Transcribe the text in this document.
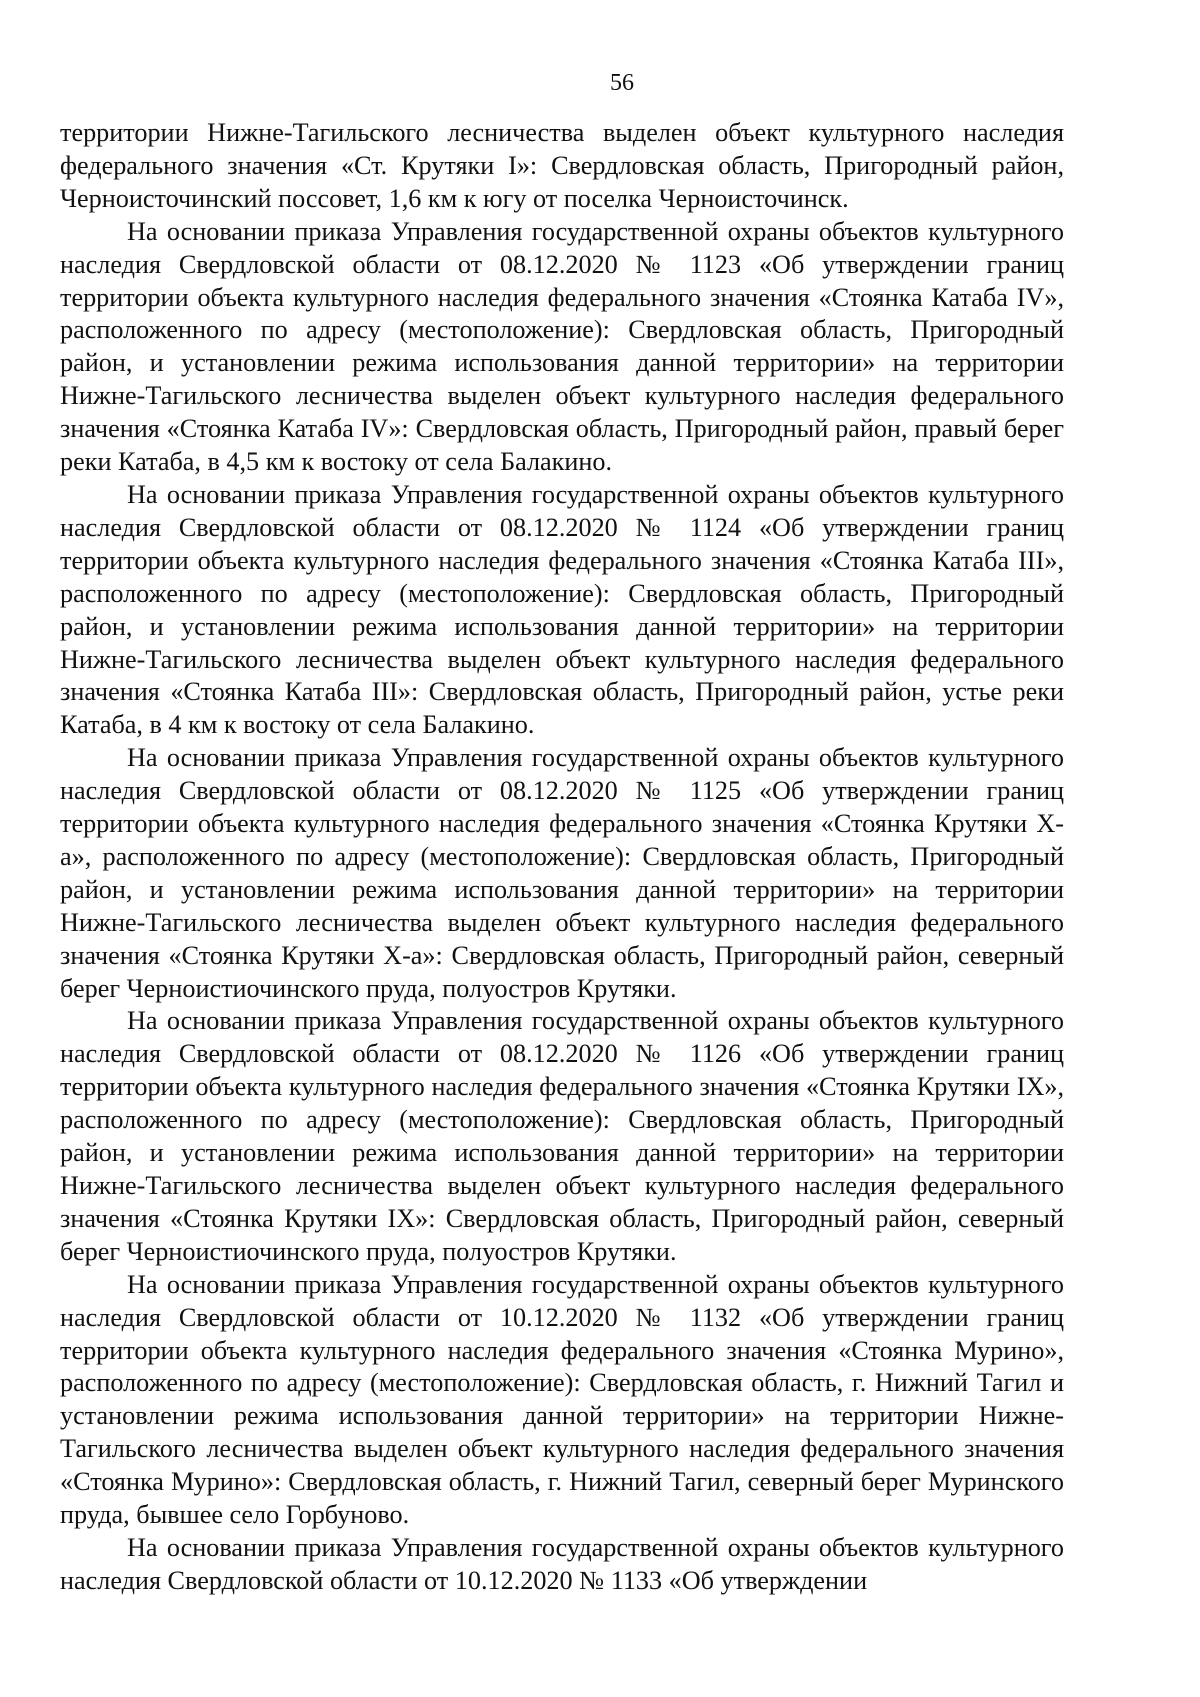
56

территории Нижне-Тагильского лесничества выделен объект культурного наследия федерального значения «Ст. Крутяки I»: Свердловская область, Пригородный район, Черноисточинский поссовет, 1,6 км к югу от поселка Черноисточинск.

На основании приказа Управления государственной охраны объектов культурного наследия Свердловской области от 08.12.2020 № 1123 «Об утверждении границ территории объекта культурного наследия федерального значения «Стоянка Катаба IV», расположенного по адресу (местоположение): Свердловская область, Пригородный район, и установлении режима использования данной территории» на территории Нижне-Тагильского лесничества выделен объект культурного наследия федерального значения «Стоянка Катаба IV»: Свердловская область, Пригородный район, правый берег реки Катаба, в 4,5 км к востоку от села Балакино.

На основании приказа Управления государственной охраны объектов культурного наследия Свердловской области от 08.12.2020 № 1124 «Об утверждении границ территории объекта культурного наследия федерального значения «Стоянка Катаба III», расположенного по адресу (местоположение): Свердловская область, Пригородный район, и установлении режима использования данной территории» на территории Нижне-Тагильского лесничества выделен объект культурного наследия федерального значения «Стоянка Катаба III»: Свердловская область, Пригородный район, устье реки Катаба, в 4 км к востоку от села Балакино.

На основании приказа Управления государственной охраны объектов культурного наследия Свердловской области от 08.12.2020 № 1125 «Об утверждении границ территории объекта культурного наследия федерального значения «Стоянка Крутяки X-a», расположенного по адресу (местоположение): Свердловская область, Пригородный район, и установлении режима использования данной территории» на территории Нижне-Тагильского лесничества выделен объект культурного наследия федерального значения «Стоянка Крутяки X-a»: Свердловская область, Пригородный район, северный берег Черноистиочинского пруда, полуостров Крутяки.

На основании приказа Управления государственной охраны объектов культурного наследия Свердловской области от 08.12.2020 № 1126 «Об утверждении границ территории объекта культурного наследия федерального значения «Стоянка Крутяки IX», расположенного по адресу (местоположение): Свердловская область, Пригородный район, и установлении режима использования данной территории» на территории Нижне-Тагильского лесничества выделен объект культурного наследия федерального значения «Стоянка Крутяки IX»: Свердловская область, Пригородный район, северный берег Черноистиочинского пруда, полуостров Крутяки.

На основании приказа Управления государственной охраны объектов культурного наследия Свердловской области от 10.12.2020 № 1132 «Об утверждении границ территории объекта культурного наследия федерального значения «Стоянка Мурино», расположенного по адресу (местоположение): Свердловская область, г. Нижний Тагил и установлении режима использования данной территории» на территории Нижне-Тагильского лесничества выделен объект культурного наследия федерального значения «Стоянка Мурино»: Свердловская область, г. Нижний Тагил, северный берег Муринского пруда, бывшее село Горбуново.

На основании приказа Управления государственной охраны объектов культурного наследия Свердловской области от 10.12.2020 № 1133 «Об утверждении
